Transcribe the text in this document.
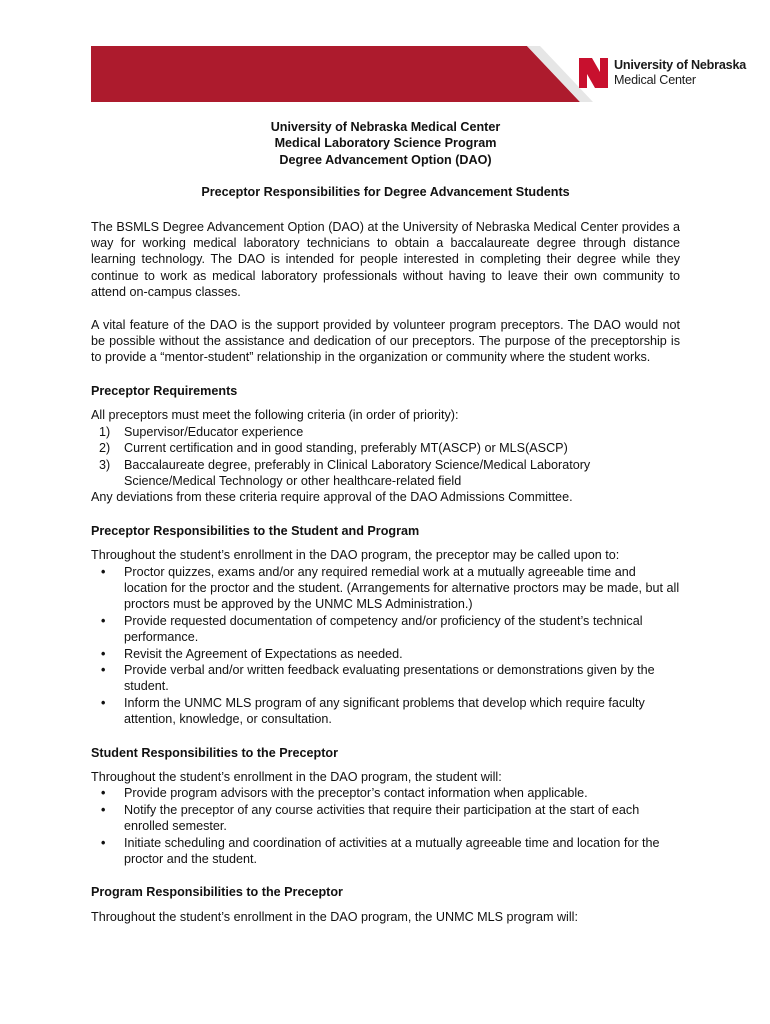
University of Nebraska
Medical Center
University of Nebraska Medical Center
Medical Laboratory Science Program
Degree Advancement Option (DAO)
Preceptor Responsibilities for Degree Advancement Students

The BSMLS Degree Advancement Option (DAO) at the University of Nebraska Medical Center provides a way for working medical laboratory technicians to obtain a baccalaureate degree through distance learning technology. The DAO is intended for people interested in completing their degree while they continue to work as medical laboratory professionals without having to leave their own community to attend on-campus classes.

A vital feature of the DAO is the support provided by volunteer program preceptors. The DAO would not be possible without the assistance and dedication of our preceptors. The purpose of the preceptorship is to provide a “mentor-student” relationship in the organization or community where the student works.

Preceptor Requirements
All preceptors must meet the following criteria (in order of priority):
1) Supervisor/Educator experience
2) Current certification and in good standing, preferably MT(ASCP) or MLS(ASCP)
3) Baccalaureate degree, preferably in Clinical Laboratory Science/Medical Laboratory Science/Medical Technology or other healthcare-related field
Any deviations from these criteria require approval of the DAO Admissions Committee.
Preceptor Responsibilities to the Student and Program
Throughout the student’s enrollment in the DAO program, the preceptor may be called upon to:
• Proctor quizzes, exams and/or any required remedial work at a mutually agreeable time and location for the proctor and the student. (Arrangements for alternative proctors may be made, but all proctors must be approved by the UNMC MLS Administration.)
• Provide requested documentation of competency and/or proficiency of the student’s technical performance.
• Revisit the Agreement of Expectations as needed.
• Provide verbal and/or written feedback evaluating presentations or demonstrations given by the student.
• Inform the UNMC MLS program of any significant problems that develop which require faculty attention, knowledge, or consultation.
Student Responsibilities to the Preceptor
Throughout the student’s enrollment in the DAO program, the student will:
• Provide program advisors with the preceptor’s contact information when applicable.
• Notify the preceptor of any course activities that require their participation at the start of each enrolled semester.
• Initiate scheduling and coordination of activities at a mutually agreeable time and location for the proctor and the student.
Program Responsibilities to the Preceptor
Throughout the student’s enrollment in the DAO program, the UNMC MLS program will:
